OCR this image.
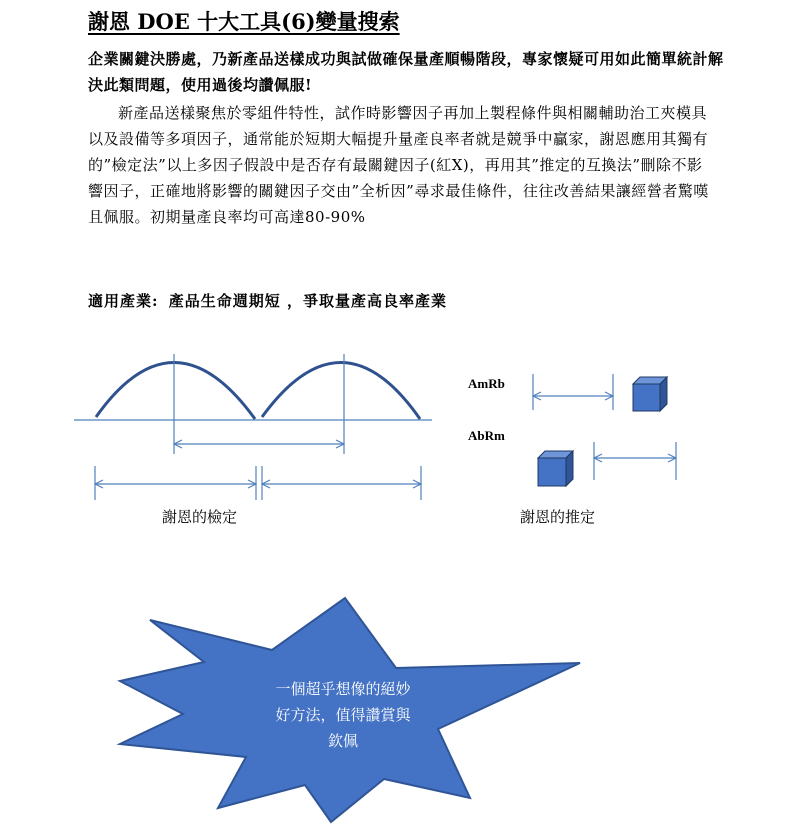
謝恩 DOE 十大工具(6)變量搜索

企業關鍵決勝處，乃新產品送樣成功與試做確保量產順暢階段，專家懷疑可用如此簡單統計解決此類問題，使用過後均讚佩服!

新產品送樣聚焦於零組件特性，試作時影響因子再加上製程條件與相關輔助治工夾模具以及設備等多項因子，通常能於短期大幅提升量產良率者就是競爭中贏家，謝恩應用其獨有的”檢定法”以上多因子假設中是否存有最關鍵因子(紅X)，再用其”推定的互換法”刪除不影響因子，正確地將影響的關鍵因子交由”全析因”尋求最佳條件，往往改善結果讓經營者驚嘆且佩服。初期量產良率均可高達80-90%

適用產業: 產品生命週期短 ，爭取量產高良率產業

AmRb
AbRm
謝恩的檢定	謝恩的推定
一個超乎想像的絕妙
好方法，值得讚賞與
欽佩
